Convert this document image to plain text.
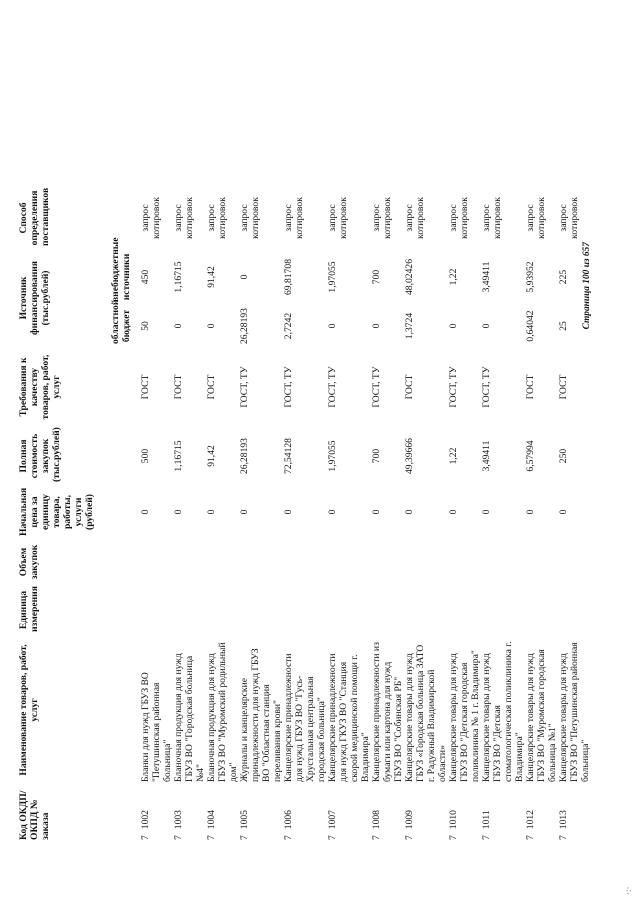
Код ОКДП/ ОКПД № заказа	Наименование товаров, работ, услуг	Единица измерения	Объем закупок	Начальная цена за единицу товара, работы, услуги (рублей)	Полная стоимость закупок (тыс.рублей)	Требования к качеству товаров, работ, услуг	Источник финансирования (тыс.рублей)		Способ определения поставщиков
							областной бюджет	внебюджетные источники	
71002	Бланки для нужд ГБУЗ ВО "Петушинская районная больница"			0	500	ГОСТ	50	450	запрос котировок
71003	Бланочная продукция для нужд ГБУЗ ВО "Городская больница №4"			0	1,16715	ГОСТ	0	1,16715	запрос котировок
71004	Бланочная продукция для нужд ГБУЗ ВО "Муромский родильный дом"			0	91,42	ГОСТ	0	91,42	запрос котировок
71005	Журналы и канцелярские принадлежности для нужд ГБУЗ ВО "Областная станция переливания крови"			0	26,28193	ГОСТ, ТУ	26,28193	0	запрос котировок
71006	Канцелярские принадлежности для нужд ГБУЗ ВО "Гусь-Хрустальная центральная городская больница"			0	72,54128	ГОСТ, ТУ	2,7242	69,81708	запрос котировок
71007	Канцелярские принадлежности для нужд ГКУЗ ВО "Станция скорой медицинской помощи г. Владимира"			0	1,97055	ГОСТ, ТУ	0	1,97055	запрос котировок
71008	Канцелярские принадлежности из бумаги или картона для нужд ГБУЗ ВО "Собинская РБ"			0	700	ГОСТ, ТУ	0	700	запрос котировок
71009	Канцелярские товары для нужд ГБУЗ «Городская больница ЗАТО г. Радужный Владимирской области»			0	49,39666	ГОСТ	1,3724	48,02426	запрос котировок
71010	Канцелярские товары для нужд ГБУЗ ВО "Детская городская поликлиника № 1 г. Владимира"			0	1,22	ГОСТ, ТУ	0	1,22	запрос котировок
71011	Канцелярские товары для нужд ГБУЗ ВО "Детская стоматологическая поликлиника г. Владимира"			0	3,49411	ГОСТ, ТУ	0	3,49411	запрос котировок
71012	Канцелярские товары для нужд ГБУЗ ВО "Муромская городская больница №1"			0	6,57994	ГОСТ	0,64042	5,93952	запрос котировок
71013	Канцелярские товары для нужд ГБУЗ ВО "Петушинская районная больница"			0	250	ГОСТ	25	225	запрос котировок
Страница 100 из 657
·:·
